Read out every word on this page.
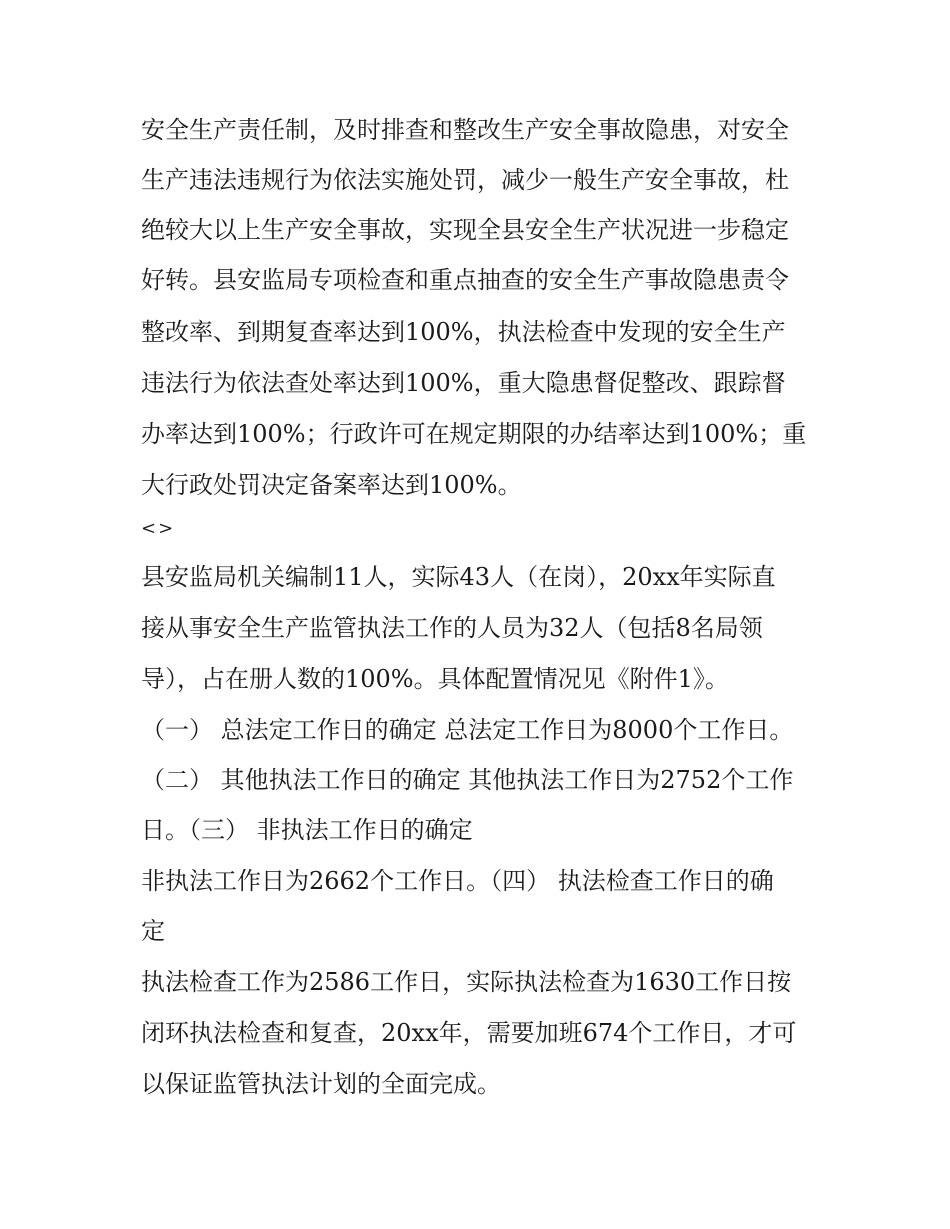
安全生产责任制，及时排查和整改生产安全事故隐患，对安全
生产违法违规行为依法实施处罚，减少一般生产安全事故，杜
绝较大以上生产安全事故，实现全县安全生产状况进一步稳定
好转。县安监局专项检查和重点抽查的安全生产事故隐患责令
整改率、到期复查率达到100%，执法检查中发现的安全生产
违法行为依法查处率达到100%，重大隐患督促整改、跟踪督
办率达到100%；行政许可在规定期限的办结率达到100%；重
大行政处罚决定备案率达到100%。
<>
县安监局机关编制11人，实际43人（在岗），20xx年实际直
接从事安全生产监管执法工作的人员为32人（包括8名局领
导），占在册人数的100%。具体配置情况见《附件1》。
（一） 总法定工作日的确定 总法定工作日为8000个工作日。
（二） 其他执法工作日的确定 其他执法工作日为2752个工作
日。（三） 非执法工作日的确定
非执法工作日为2662个工作日。（四） 执法检查工作日的确
定
执法检查工作为2586工作日，实际执法检查为1630工作日按
闭环执法检查和复查，20xx年，需要加班674个工作日，才可
以保证监管执法计划的全面完成。
